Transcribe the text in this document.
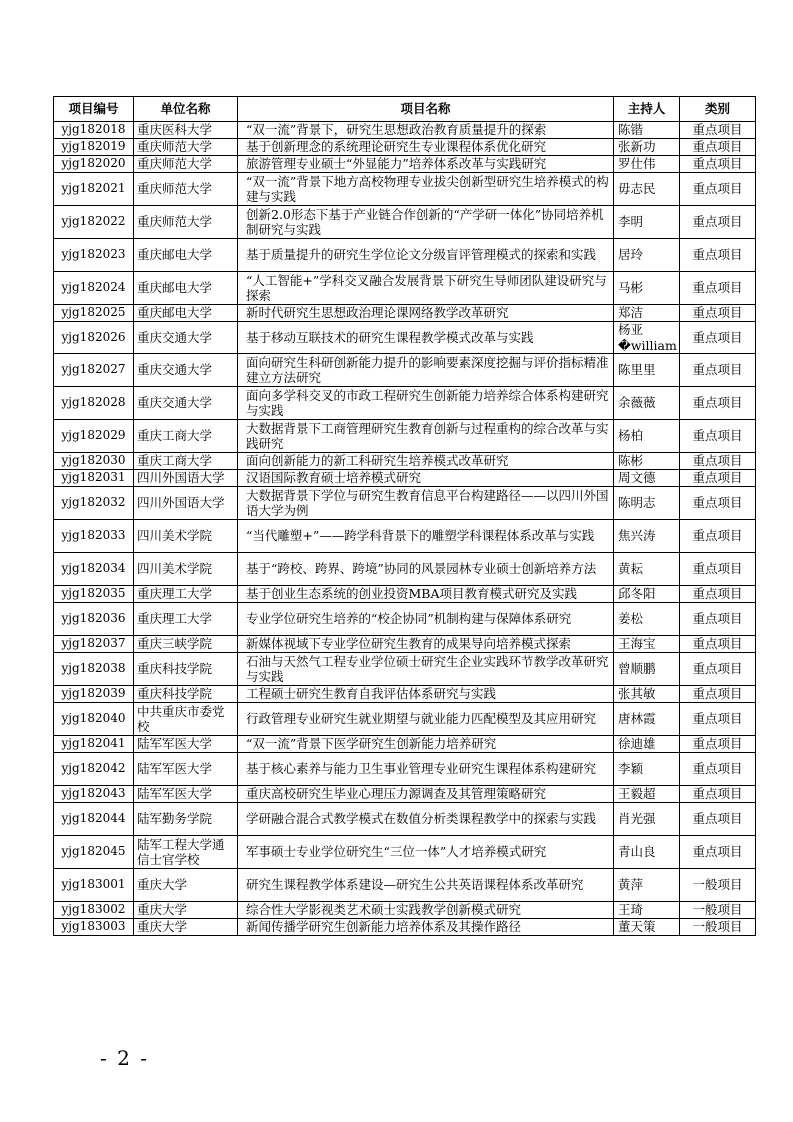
项目编号	单位名称	项目名称	主持人	类别
yjg182018	重庆医科大学	“双一流”背景下，研究生思想政治教育质量提升的探索	陈锴	重点项目
yjg182019	重庆师范大学	基于创新理念的系统理论研究生专业课程体系优化研究	张新功	重点项目
yjg182020	重庆师范大学	旅游管理专业硕士“外显能力”培养体系改革与实践研究	罗仕伟	重点项目
yjg182021	重庆师范大学	“双一流”背景下地方高校物理专业拔尖创新型研究生培养模式的构建与实践	毋志民	重点项目
yjg182022	重庆师范大学	创新2.0形态下基于产业链合作创新的“产学研一体化”协同培养机制研究与实践	李明	重点项目
yjg182023	重庆邮电大学	基于质量提升的研究生学位论文分级盲评管理模式的探索和实践	居玲	重点项目
yjg182024	重庆邮电大学	“人工智能+”学科交叉融合发展背景下研究生导师团队建设研究与探索	马彬	重点项目
yjg182025	重庆邮电大学	新时代研究生思想政治理论课网络教学改革研究	郑洁	重点项目
yjg182026	重庆交通大学	基于移动互联技术的研究生课程教学模式改革与实践	杨亚�william	重点项目
yjg182027	重庆交通大学	面向研究生科研创新能力提升的影响要素深度挖掘与评价指标精准建立方法研究	陈里里	重点项目
yjg182028	重庆交通大学	面向多学科交叉的市政工程研究生创新能力培养综合体系构建研究与实践	余薇薇	重点项目
yjg182029	重庆工商大学	大数据背景下工商管理研究生教育创新与过程重构的综合改革与实践研究	杨柏	重点项目
yjg182030	重庆工商大学	面向创新能力的新工科研究生培养模式改革研究	陈彬	重点项目
yjg182031	四川外国语大学	汉语国际教育硕士培养模式研究	周文德	重点项目
yjg182032	四川外国语大学	大数据背景下学位与研究生教育信息平台构建路径——以四川外国语大学为例	陈明志	重点项目
yjg182033	四川美术学院	“当代雕塑+”——跨学科背景下的雕塑学科课程体系改革与实践	焦兴涛	重点项目
yjg182034	四川美术学院	基于“跨校、跨界、跨境”协同的风景园林专业硕士创新培养方法	黄耘	重点项目
yjg182035	重庆理工大学	基于创业生态系统的创业投资MBA项目教育模式研究及实践	邱冬阳	重点项目
yjg182036	重庆理工大学	专业学位研究生培养的“校企协同”机制构建与保障体系研究	姜松	重点项目
yjg182037	重庆三峡学院	新媒体视域下专业学位研究生教育的成果导向培养模式探索	王海宝	重点项目
yjg182038	重庆科技学院	石油与天然气工程专业学位硕士研究生企业实践环节教学改革研究与实践	曾顺鹏	重点项目
yjg182039	重庆科技学院	工程硕士研究生教育自我评估体系研究与实践	张其敏	重点项目
yjg182040	中共重庆市委党校	行政管理专业研究生就业期望与就业能力匹配模型及其应用研究	唐林霞	重点项目
yjg182041	陆军军医大学	“双一流”背景下医学研究生创新能力培养研究	徐迪雄	重点项目
yjg182042	陆军军医大学	基于核心素养与能力卫生事业管理专业研究生课程体系构建研究	李颖	重点项目
yjg182043	陆军军医大学	重庆高校研究生毕业心理压力源调查及其管理策略研究	王毅超	重点项目
yjg182044	陆军勤务学院	学研融合混合式教学模式在数值分析类课程教学中的探索与实践	肖光强	重点项目
yjg182045	陆军工程大学通信士官学校	军事硕士专业学位研究生“三位一体”人才培养模式研究	青山良	重点项目
yjg183001	重庆大学	研究生课程教学体系建设—研究生公共英语课程体系改革研究	黄萍	一般项目
yjg183002	重庆大学	综合性大学影视类艺术硕士实践教学创新模式研究	王琦	一般项目
yjg183003	重庆大学	新闻传播学研究生创新能力培养体系及其操作路径	董天策	一般项目
- 2 -
